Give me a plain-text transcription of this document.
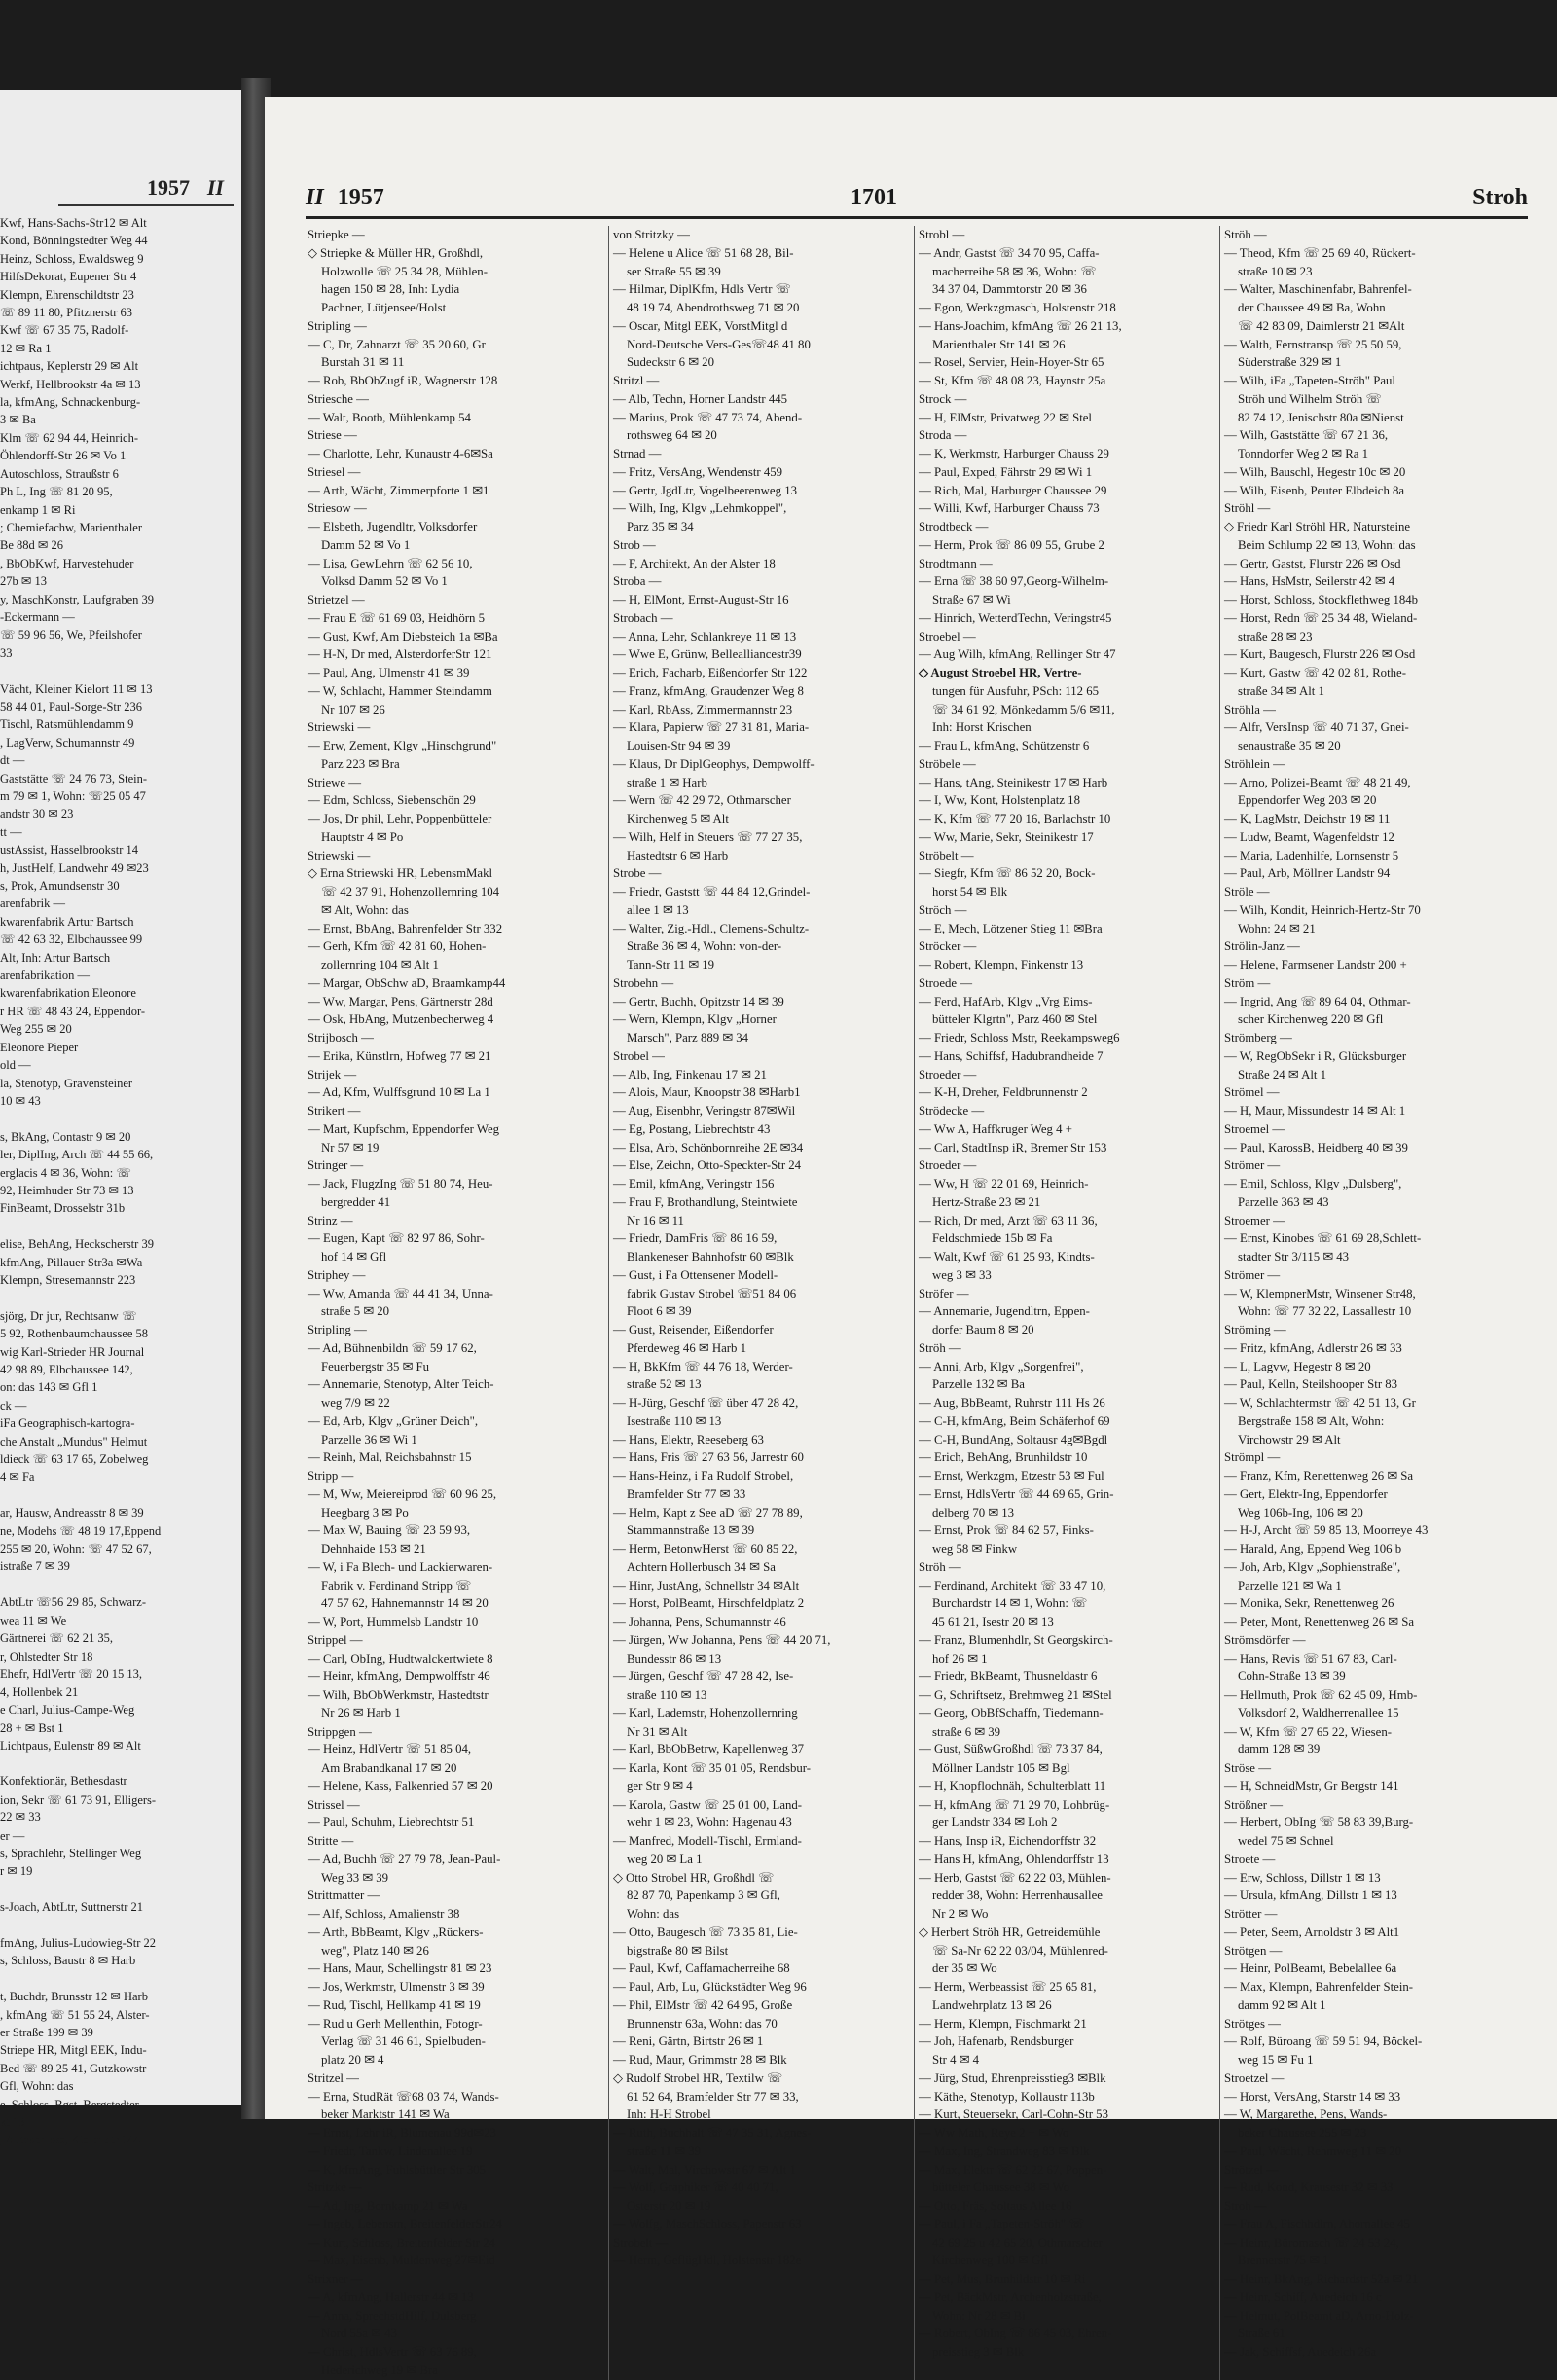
1957 II
Kwf, Hans-Sachs-Str12 ✉ Alt
Kond, Bönningstedter Weg 44
Heinz, Schloss, Ewaldsweg 9
HilfsDekorat, Eupener Str 4
Klempn, Ehrenschildtstr 23
☏ 89 11 80, Pfitznerstr 63
Kwf ☏ 67 35 75, Radolf-
12 ✉ Ra 1
ichtpaus, Keplerstr 29 ✉ Alt
Werkf, Hellbrookstr 4a ✉ 13
la, kfmAng, Schnackenburg-
3 ✉ Ba
Klm ☏ 62 94 44, Heinrich-
Öhlendorff-Str 26 ✉ Vo 1
Autoschloss, Straußstr 6
Ph L, Ing ☏ 81 20 95,
enkamp 1 ✉ Ri
; Chemiefachw, Marienthaler
Be 88d ✉ 26
, BbObKwf, Harvestehuder
27b ✉ 13
y, MaschKonstr, Laufgraben 39
-Eckermann —
☏ 59 96 56, We, Pfeilshofer
33

Vächt, Kleiner Kielort 11 ✉ 13
58 44 01, Paul-Sorge-Str 236
Tischl, Ratsmühlendamm 9
, LagVerw, Schumannstr 49
dt —
Gaststätte ☏ 24 76 73, Stein-
m 79 ✉ 1, Wohn: ☏25 05 47
andstr 30 ✉ 23
tt —
ustAssist, Hasselbrookstr 14
h, JustHelf, Landwehr 49 ✉23
s, Prok, Amundsenstr 30
arenfabrik —
kwarenfabrik Artur Bartsch
☏ 42 63 32, Elbchaussee 99
Alt, Inh: Artur Bartsch
arenfabrikation —
kwarenfabrikation Eleonore
r HR ☏ 48 43 24, Eppendor-
Weg 255 ✉ 20
Eleonore Pieper
old —
la, Stenotyp, Gravensteiner
10 ✉ 43

s, BkAng, Contastr 9 ✉ 20
ler, DiplIng, Arch ☏ 44 55 66,
erglacis 4 ✉ 36, Wohn: ☏
92, Heimhuder Str 73 ✉ 13
FinBeamt, Drosselstr 31b

elise, BehAng, Heckscherstr 39
kfmAng, Pillauer Str3a ✉Wa
Klempn, Stresemannstr 223

sjörg, Dr jur, Rechtsanw ☏
5 92, Rothenbaumchaussee 58
wig Karl-Strieder HR Journal
42 98 89, Elbchaussee 142,
on: das 143 ✉ Gfl 1
ck —
iFa Geographisch-kartogra-
che Anstalt „Mundus" Helmut
ldieck ☏ 63 17 65, Zobelweg
4 ✉ Fa

ar, Hausw, Andreasstr 8 ✉ 39
ne, Modehs ☏ 48 19 17,Eppend
255 ✉ 20, Wohn: ☏ 47 52 67,
istraße 7 ✉ 39

AbtLtr ☏56 29 85, Schwarz-
wea 11 ✉ We
Gärtnerei ☏ 62 21 35,
r, Ohlstedter Str 18
Ehefr, HdlVertr ☏ 20 15 13,
4, Hollenbek 21
e Charl, Julius-Campe-Weg
28 + ✉ Bst 1
Lichtpaus, Eulenstr 89 ✉ Alt

Konfektionär, Bethesdastr
ion, Sekr ☏ 61 73 91, Elligers-
22 ✉ 33
er —
s, Sprachlehr, Stellinger Weg
r ✉ 19

s-Joach, AbtLtr, Suttnerstr 21

fmAng, Julius-Ludowieg-Str 22
s, Schloss, Baustr 8 ✉ Harb

t, Buchdr, Brunsstr 12 ✉ Harb
, kfmAng ☏ 51 55 24, Alster-
er Straße 199 ✉ 39
Striepe HR, Mitgl EEK, Indu-
Bed ☏ 89 25 41, Gutzkowstr
Gfl, Wohn: das
e, Schloss, Bgst, Bergstedter
kt 13
, Autoschloss, Kieler Str 144
II 1957	1701	Stroh
Striepke —
◇ Striepke & Müller HR, Großhdl,
Holzwolle ☏ 25 34 28, Mühlen-
hagen 150 ✉ 28, Inh: Lydia
Pachner, Lütjensee/Holst
Stripling —
— C, Dr, Zahnarzt ☏ 35 20 60, Gr
Burstah 31 ✉ 11
— Rob, BbObZugf iR, Wagnerstr 128
Striesche —
— Walt, Bootb, Mühlenkamp 54
Striese —
— Charlotte, Lehr, Kunaustr 4-6✉Sa
Striesel —
— Arth, Wächt, Zimmerpforte 1 ✉1
Striesow —
— Elsbeth, Jugendltr, Volksdorfer
Damm 52 ✉ Vo 1
— Lisa, GewLehrn ☏ 62 56 10,
Volksd Damm 52 ✉ Vo 1
Strietzel —
— Frau E ☏ 61 69 03, Heidhörn 5
— Gust, Kwf, Am Diebsteich 1a ✉Ba
— H-N, Dr med, AlsterdorferStr 121
— Paul, Ang, Ulmenstr 41 ✉ 39
— W, Schlacht, Hammer Steindamm
Nr 107 ✉ 26
Striewski —
— Erw, Zement, Klgv „Hinschgrund"
Parz 223 ✉ Bra
Striewe —
— Edm, Schloss, Siebenschön 29
— Jos, Dr phil, Lehr, Poppenbütteler
Hauptstr 4 ✉ Po
Striewski —
◇ Erna Striewski HR, LebensmMakl
☏ 42 37 91, Hohenzollernring 104
✉ Alt, Wohn: das
— Ernst, BbAng, Bahrenfelder Str 332
— Gerh, Kfm ☏ 42 81 60, Hohen-
zollernring 104 ✉ Alt 1
— Margar, ObSchw aD, Braamkamp44
— Ww, Margar, Pens, Gärtnerstr 28d
— Osk, HbAng, Mutzenbecherweg 4
Strijbosch —
— Erika, Künstlrn, Hofweg 77 ✉ 21
Strijek —
— Ad, Kfm, Wulffsgrund 10 ✉ La 1
Strikert —
— Mart, Kupfschm, Eppendorfer Weg
Nr 57 ✉ 19
Stringer —
— Jack, FlugzIng ☏ 51 80 74, Heu-
bergredder 41
Strinz —
— Eugen, Kapt ☏ 82 97 86, Sohr-
hof 14 ✉ Gfl
Striphey —
— Ww, Amanda ☏ 44 41 34, Unna-
straße 5 ✉ 20
Stripling —
— Ad, Bühnenbildn ☏ 59 17 62,
Feuerbergstr 35 ✉ Fu
— Annemarie, Stenotyp, Alter Teich-
weg 7/9 ✉ 22
— Ed, Arb, Klgv „Grüner Deich",
Parzelle 36 ✉ Wi 1
— Reinh, Mal, Reichsbahnstr 15
Stripp —
— M, Ww, Meiereiprod ☏ 60 96 25,
Heegbarg 3 ✉ Po
— Max W, Bauing ☏ 23 59 93,
Dehnhaide 153 ✉ 21
— W, i Fa Blech- und Lackierwaren-
Fabrik v. Ferdinand Stripp ☏
47 57 62, Hahnemannstr 14 ✉ 20
— W, Port, Hummelsb Landstr 10
Strippel —
— Carl, ObIng, Hudtwalckertwiete 8
— Heinr, kfmAng, Dempwolffstr 46
— Wilh, BbObWerkmstr, Hastedtstr
Nr 26 ✉ Harb 1
Strippgen —
— Heinz, HdlVertr ☏ 51 85 04,
Am Brabandkanal 17 ✉ 20
— Helene, Kass, Falkenried 57 ✉ 20
Strissel —
— Paul, Schuhm, Liebrechtstr 51
Stritte —
— Ad, Buchh ☏ 27 79 78, Jean-Paul-
Weg 33 ✉ 39
Strittmatter —
— Alf, Schloss, Amalienstr 38
— Arth, BbBeamt, Klgv „Rückers-
weg", Platz 140 ✉ 26
— Hans, Maur, Schellingstr 81 ✉ 23
— Jos, Werkmstr, Ulmenstr 3 ✉ 39
— Rud, Tischl, Hellkamp 41 ✉ 19
— Rud u Gerh Mellenthin, Fotogr-
Verlag ☏ 31 46 61, Spielbuden-
platz 20 ✉ 4
Stritzel —
— Erna, StudRät ☏68 03 74, Wands-
beker Marktstr 141 ✉ Wa
— Ernst, Lehr iR, Blumenau 99d✉23
— Friedr, Tankw, Lindenallee 19
— K, kfmAng, Fuhlsbüttler Str 305
Stritzke —
— Ad, Ing, Bornkamp 21 ✉ Wa
— Ingeb, Lebensm, BreitenfelderStr24
— Kurt, Schloss, Breitenfelder Str 24
— Max, Eisenb, Muldenweg 27✉Eid
Strixner —
— A, kfmAng, Hallerstr 44 ✉ 13
— Anna, SprechstdHilf, Dulsberg
Nord 55a ✉ 43
— Christ, HdlsVertr ☏ 63 76 89,
Hederichweg 19 ✉ Bra
von Stritzky —
— Helene u Alice ☏ 51 68 28, Bil-
ser Straße 55 ✉ 39
— Hilmar, DiplKfm, Hdls Vertr ☏
48 19 74, Abendrothsweg 71 ✉ 20
— Oscar, Mitgl EEK, VorstMitgl d
Nord-Deutsche Vers-Ges☏48 41 80
Sudeckstr 6 ✉ 20
Stritzl —
— Alb, Techn, Horner Landstr 445
— Marius, Prok ☏ 47 73 74, Abend-
rothsweg 64 ✉ 20
Strnad —
— Fritz, VersAng, Wendenstr 459
— Gertr, JgdLtr, Vogelbeerenweg 13
— Wilh, Ing, Klgv „Lehmkoppel",
Parz 35 ✉ 34
Strob —
— F, Architekt, An der Alster 18
Stroba —
— H, ElMont, Ernst-August-Str 16
Strobach —
— Anna, Lehr, Schlankreye 11 ✉ 13
— Wwe E, Grünw, Bellealliancestr39
— Erich, Facharb, Eißendorfer Str 122
— Franz, kfmAng, Graudenzer Weg 8
— Karl, RbAss, Zimmermannstr 23
— Klara, Papierw ☏ 27 31 81, Maria-
Louisen-Str 94 ✉ 39
— Klaus, Dr DiplGeophys, Dempwolff-
straße 1 ✉ Harb
— Wern ☏ 42 29 72, Othmarscher
Kirchenweg 5 ✉ Alt
— Wilh, Helf in Steuers ☏ 77 27 35,
Hastedtstr 6 ✉ Harb
Strobe —
— Friedr, Gaststt ☏ 44 84 12,Grindel-
allee 1 ✉ 13
— Walter, Zig.-Hdl., Clemens-Schultz-
Straße 36 ✉ 4, Wohn: von-der-
Tann-Str 11 ✉ 19
Strobehn —
— Gertr, Buchh, Opitzstr 14 ✉ 39
— Wern, Klempn, Klgv „Horner
Marsch", Parz 889 ✉ 34
Strobel —
— Alb, Ing, Finkenau 17 ✉ 21
— Alois, Maur, Knoopstr 38 ✉Harb1
— Aug, Eisenbhr, Veringstr 87✉Wil
— Eg, Postang, Liebrechtstr 43
— Elsa, Arb, Schönbornreihe 2E ✉34
— Else, Zeichn, Otto-Speckter-Str 24
— Emil, kfmAng, Veringstr 156
— Frau F, Brothandlung, Steintwiete
Nr 16 ✉ 11
— Friedr, DamFris ☏ 86 16 59,
Blankeneser Bahnhofstr 60 ✉Blk
— Gust, i Fa Ottensener Modell-
fabrik Gustav Strobel ☏51 84 06
Floot 6 ✉ 39
— Gust, Reisender, Eißendorfer
Pferdeweg 46 ✉ Harb 1
— H, BkKfm ☏ 44 76 18, Werder-
straße 52 ✉ 13
— H-Jürg, Geschf ☏ über 47 28 42,
Isestraße 110 ✉ 13
— Hans, Elektr, Reeseberg 63
— Hans, Fris ☏ 27 63 56, Jarrestr 60
— Hans-Heinz, i Fa Rudolf Strobel,
Bramfelder Str 77 ✉ 33
— Helm, Kapt z See aD ☏ 27 78 89,
Stammannstraße 13 ✉ 39
— Herm, BetonwHerst ☏ 60 85 22,
Achtern Hollerbusch 34 ✉ Sa
— Hinr, JustAng, Schnellstr 34 ✉Alt
— Horst, PolBeamt, Hirschfeldplatz 2
— Johanna, Pens, Schumannstr 46
— Jürgen, Ww Johanna, Pens ☏ 44 20 71,
Bundesstr 86 ✉ 13
— Jürgen, Geschf ☏ 47 28 42, Ise-
straße 110 ✉ 13
— Karl, Lademstr, Hohenzollernring
Nr 31 ✉ Alt
— Karl, BbObBetrw, Kapellenweg 37
— Karla, Kont ☏ 35 01 05, Rendsbur-
ger Str 9 ✉ 4
— Karola, Gastw ☏ 25 01 00, Land-
wehr 1 ✉ 23, Wohn: Hagenau 43
— Manfred, Modell-Tischl, Ermland-
weg 20 ✉ La 1
◇ Otto Strobel HR, Großhdl ☏
82 87 70, Papenkamp 3 ✉ Gfl,
Wohn: das
— Otto, Baugesch ☏ 73 35 81, Lie-
bigstraße 80 ✉ Bilst
— Paul, Kwf, Caffamacherreihe 68
— Paul, Arb, Lu, Glückstädter Weg 96
— Phil, ElMstr ☏ 42 64 95, Große
Brunnenstr 63a, Wohn: das 70
— Reni, Gärtn, Birtstr 26 ✉ 1
— Rud, Maur, Grimmstr 28 ✉ Blk
◇ Rudolf Strobel HR, Textilw ☏
61 52 64, Bramfelder Str 77 ✉ 33,
Inh: H-H Strobel
— Ruth, Buchhalt ☏ 47 35 31, Agnes-
straße 11 ✉ 39
— Walt, Mal, Virchowstr 67 ✉ Alt 1
— Wolf, Graphiker ☏ 40 40 71,
Osterstr 20 ✉ 19
— Wolfg, MaschSchloss, Papenstr 63
Strobelt —
— Herm, GeflügHdl, Holstenstr 182e
Strobl —
— Andr, Gastst ☏ 34 70 95, Caffa-
macherreihe 58 ✉ 36, Wohn: ☏
34 37 04, Dammtorstr 20 ✉ 36
— Egon, Werkzgmasch, Holstenstr 218
— Hans-Joachim, kfmAng ☏ 26 21 13,
Marienthaler Str 141 ✉ 26
— Rosel, Servier, Hein-Hoyer-Str 65
— St, Kfm ☏ 48 08 23, Haynstr 25a
Strock —
— H, ElMstr, Privatweg 22 ✉ Stel
Stroda —
— K, Werkmstr, Harburger Chauss 29
— Paul, Exped, Fährstr 29 ✉ Wi 1
— Rich, Mal, Harburger Chaussee 29
— Willi, Kwf, Harburger Chauss 73
Strodtbeck —
— Herm, Prok ☏ 86 09 55, Grube 2
Strodtmann —
— Erna ☏ 38 60 97,Georg-Wilhelm-
Straße 67 ✉ Wi
— Hinrich, WetterdTechn, Veringstr45
Stroebel —
— Aug Wilh, kfmAng, Rellinger Str 47
◇ August Stroebel HR, Vertre-
tungen für Ausfuhr, PSch: 112 65
☏ 34 61 92, Mönkedamm 5/6 ✉11,
Inh: Horst Krischen
— Frau L, kfmAng, Schützenstr 6
Ströbele —
— Hans, tAng, Steinikestr 17 ✉ Harb
— I, Ww, Kont, Holstenplatz 18
— K, Kfm ☏ 77 20 16, Barlachstr 10
— Ww, Marie, Sekr, Steinikestr 17
Ströbelt —
— Siegfr, Kfm ☏ 86 52 20, Bock-
horst 54 ✉ Blk
Ströch —
— E, Mech, Lötzener Stieg 11 ✉Bra
Ströcker —
— Robert, Klempn, Finkenstr 13
Stroede —
— Ferd, HafArb, Klgv „Vrg Eims-
bütteler Klgrtn", Parz 460 ✉ Stel
— Friedr, Schloss Mstr, Reekampsweg6
— Hans, Schiffsf, Hadubrandheide 7
Stroeder —
— K-H, Dreher, Feldbrunnenstr 2
Strödecke —
— Ww A, Haffkruger Weg 4 +
— Carl, StadtInsp iR, Bremer Str 153
Stroeder —
— Ww, H ☏ 22 01 69, Heinrich-
Hertz-Straße 23 ✉ 21
— Rich, Dr med, Arzt ☏ 63 11 36,
Feldschmiede 15b ✉ Fa
— Walt, Kwf ☏ 61 25 93, Kindts-
weg 3 ✉ 33
Ströfer —
— Annemarie, Jugendltrn, Eppen-
dorfer Baum 8 ✉ 20
Ströh —
— Anni, Arb, Klgv „Sorgenfrei",
Parzelle 132 ✉ Ba
— Aug, BbBeamt, Ruhrstr 111 Hs 26
— C-H, kfmAng, Beim Schäferhof 69
— C-H, BundAng, Soltausr 4g✉Bgdl
— Erich, BehAng, Brunhildstr 10
— Ernst, Werkzgm, Etzestr 53 ✉ Ful
— Ernst, HdlsVertr ☏ 44 69 65, Grin-
delberg 70 ✉ 13
— Ernst, Prok ☏ 84 62 57, Finks-
weg 58 ✉ Finkw
Ströh —
— Ferdinand, Architekt ☏ 33 47 10,
Burchardstr 14 ✉ 1, Wohn: ☏
45 61 21, Isestr 20 ✉ 13
— Franz, Blumenhdlr, St Georgskirch-
hof 26 ✉ 1
— Friedr, BkBeamt, Thusneldastr 6
— G, Schriftsetz, Brehmweg 21 ✉Stel
— Georg, ObBfSchaffn, Tiedemann-
straße 6 ✉ 39
— Gust, SüßwGroßhdl ☏ 73 37 84,
Möllner Landstr 105 ✉ Bgl
— H, Knopflochnäh, Schulterblatt 11
— H, kfmAng ☏ 71 29 70, Lohbrüg-
ger Landstr 334 ✉ Loh 2
— Hans, Insp iR, Eichendorffstr 32
— Hans H, kfmAng, Ohlendorffstr 13
— Herb, Gastst ☏ 62 22 03, Mühlen-
redder 38, Wohn: Herrenhausallee
Nr 2 ✉ Wo
◇ Herbert Ströh HR, Getreidemühle
☏ Sa-Nr 62 22 03/04, Mühlenred-
der 35 ✉ Wo
— Herm, Werbeassist ☏ 25 65 81,
Landwehrplatz 13 ✉ 26
— Herm, Klempn, Fischmarkt 21
— Joh, Hafenarb, Rendsburger
Str 4 ✉ 4
— Jürg, Stud, Ehrenpreisstieg3 ✉Blk
— Käthe, Stenotyp, Kollaustr 113b
— Kurt, Steuersekr, Carl-Cohn-Str 53
— Ww Math, Reye 2 + ✉ Wo
— Max, Ing, Strandweg 83 ✉ Blk
— Max, Elektr ☏ 62 22 67, Poppen-
bütteler Chaussee 38 ✉ Wo
— Otto, Fräs, Soltaus Allee 16
— Paul, i Fa „Tapeten-Ströh" ☏
42 69 25 u 42 65 20, Othmarscher
Kirchenweg 100 ✉ Gfl
— Pet, Mus, Brunhildstr 10 ✉ Ri
— Pet, BäckMstr, Archenholzstraße,
Wohn: Nr 28 ✉ Bi
— Robert, ObIng ☏ 86 45 03, Ehren-
preisstieg 3 ✉ Blk
Ströh —
— Theod, Kfm ☏ 25 69 40, Rückert-
straße 10 ✉ 23
— Walter, Maschinenfabr, Bahrenfel-
der Chaussee 49 ✉ Ba, Wohn
☏ 42 83 09, Daimlerstr 21 ✉Alt
— Walth, Fernstransp ☏ 25 50 59,
Süderstraße 329 ✉ 1
— Wilh, iFa „Tapeten-Ströh" Paul
Ströh und Wilhelm Ströh ☏
82 74 12, Jenischstr 80a ✉Nienst
— Wilh, Gaststätte ☏ 67 21 36,
Tonndorfer Weg 2 ✉ Ra 1
— Wilh, Bauschl, Hegestr 10c ✉ 20
— Wilh, Eisenb, Peuter Elbdeich 8a
Ströhl —
◇ Friedr Karl Ströhl HR, Natursteine
Beim Schlump 22 ✉ 13, Wohn: das
— Gertr, Gastst, Flurstr 226 ✉ Osd
— Hans, HsMstr, Seilerstr 42 ✉ 4
— Horst, Schloss, Stockflethweg 184b
— Horst, Redn ☏ 25 34 48, Wieland-
straße 28 ✉ 23
— Kurt, Baugesch, Flurstr 226 ✉ Osd
— Kurt, Gastw ☏ 42 02 81, Rothe-
straße 34 ✉ Alt 1
Ströhla —
— Alfr, VersInsp ☏ 40 71 37, Gnei-
senaustraße 35 ✉ 20
Ströhlein —
— Arno, Polizei-Beamt ☏ 48 21 49,
Eppendorfer Weg 203 ✉ 20
— K, LagMstr, Deichstr 19 ✉ 11
— Ludw, Beamt, Wagenfeldstr 12
— Maria, Ladenhilfe, Lornsenstr 5
— Paul, Arb, Möllner Landstr 94
Ströle —
— Wilh, Kondit, Heinrich-Hertz-Str 70
Wohn: 24 ✉ 21
Strölin-Janz —
— Helene, Farmsener Landstr 200 +
Ström —
— Ingrid, Ang ☏ 89 64 04, Othmar-
scher Kirchenweg 220 ✉ Gfl
Strömberg —
— W, RegObSekr i R, Glücksburger
Straße 24 ✉ Alt 1
Strömel —
— H, Maur, Missundestr 14 ✉ Alt 1
Stroemel —
— Paul, KarossB, Heidberg 40 ✉ 39
Strömer —
— Emil, Schloss, Klgv „Dulsberg",
Parzelle 363 ✉ 43
Stroemer —
— Ernst, Kinobes ☏ 61 69 28,Schlett-
stadter Str 3/115 ✉ 43
Strömer —
— W, KlempnerMstr, Winsener Str48,
Wohn: ☏ 77 32 22, Lassallestr 10
Ströming —
— Fritz, kfmAng, Adlerstr 26 ✉ 33
— L, Lagvw, Hegestr 8 ✉ 20
— Paul, Kelln, Steilshooper Str 83
— W, Schlachtermstr ☏ 42 51 13, Gr
Bergstraße 158 ✉ Alt, Wohn:
Virchowstr 29 ✉ Alt
Strömpl —
— Franz, Kfm, Renettenweg 26 ✉ Sa
— Gert, Elektr-Ing, Eppendorfer
Weg 106b-Ing, 106 ✉ 20
— H-J, Archt ☏ 59 85 13, Moorreye 43
— Harald, Ang, Eppend Weg 106 b
— Joh, Arb, Klgv „Sophienstraße",
Parzelle 121 ✉ Wa 1
— Monika, Sekr, Renettenweg 26
— Peter, Mont, Renettenweg 26 ✉ Sa
Strömsdörfer —
— Hans, Revis ☏ 51 67 83, Carl-
Cohn-Straße 13 ✉ 39
— Hellmuth, Prok ☏ 62 45 09, Hmb-
Volksdorf 2, Waldherrenallee 15
— W, Kfm ☏ 27 65 22, Wiesen-
damm 128 ✉ 39
Ströse —
— H, SchneidMstr, Gr Bergstr 141
Strößner —
— Herbert, ObIng ☏ 58 83 39,Burg-
wedel 75 ✉ Schnel
Stroete —
— Erw, Schloss, Dillstr 1 ✉ 13
— Ursula, kfmAng, Dillstr 1 ✉ 13
Strötter —
— Peter, Seem, Arnoldstr 3 ✉ Alt1
Strötgen —
— Heinr, PolBeamt, Bebelallee 6a
— Max, Klempn, Bahrenfelder Stein-
damm 92 ✉ Alt 1
Strötges —
— Rolf, Büroang ☏ 59 51 94, Böckel-
weg 15 ✉ Fu 1
Stroetzel —
— Horst, VersAng, Starstr 14 ✉ 33
— W, Margarethe, Pens, Wands-
beker Chaussee 255 ✉ 23
— Paul, Wächt, Rehmweg 11 ✉ 20
Strötzel —
— Rud, Kond, Krausestr 32 ✉ 33
Stroh —
— Frau A, Fischhdlrn, Ahornallee 45
— Heinr, Büromasch ☏ 24 53 24,
Brennerstr 75 ✉ 1
— Heinr, BkAng, Richardstr 52a ✉ 21
— Heinr, Schiff, Auedeich 16 c
— Helmut, PolBeamt aD, Arno-Holz-
Straße 61
— Jak, Schiffsf, Auedeich 26a
